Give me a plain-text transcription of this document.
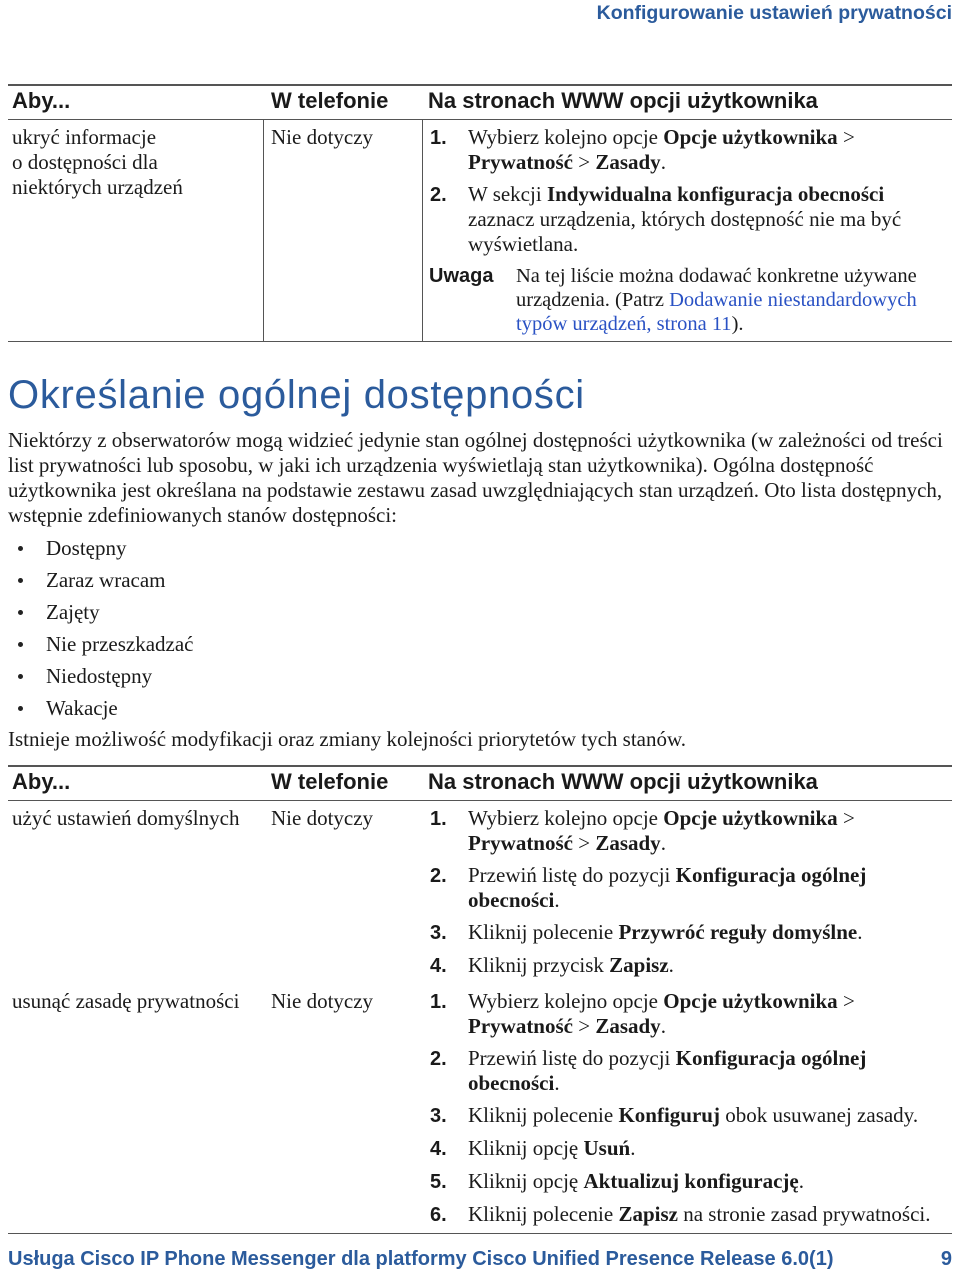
Konfigurowanie ustawień prywatności
Aby...	W telefonie	Na stronach WWW opcji użytkownika
ukryć informacje
o dostępności dla
niektórych urządzeń
Nie dotyczy	1.	Wybierz kolejno opcje Opcje użytkownika > Prywatność > Zasady.
2.	W sekcji Indywidualna konfiguracja obecności zaznacz urządzenia, których dostępność nie ma być wyświetlana.
Uwaga	Na tej liście można dodawać konkretne używane urządzenia. (Patrz Dodawanie niestandardowych typów urządzeń, strona 11).
Określanie ogólnej dostępności

Niektórzy z obserwatorów mogą widzieć jedynie stan ogólnej dostępności użytkownika (w zależności od treści list prywatności lub sposobu, w jaki ich urządzenia wyświetlają stan użytkownika). Ogólna dostępność użytkownika jest określana na podstawie zestawu zasad uwzględniających stan urządzeń. Oto lista dostępnych, wstępnie zdefiniowanych stanów dostępności:

Dostępny
Zaraz wracam
Zajęty
Nie przeszkadzać
Niedostępny
Wakacje

Istnieje możliwość modyfikacji oraz zmiany kolejności priorytetów tych stanów.

Aby...	W telefonie	Na stronach WWW opcji użytkownika
użyć ustawień domyślnych	Nie dotyczy	1.	Wybierz kolejno opcje Opcje użytkownika > Prywatność > Zasady.
2.	Przewiń listę do pozycji Konfiguracja ogólnej obecności.
3.	Kliknij polecenie Przywróć reguły domyślne.
4.	Kliknij przycisk Zapisz.
usunąć zasadę prywatności	Nie dotyczy	1.	Wybierz kolejno opcje Opcje użytkownika > Prywatność > Zasady.
2.	Przewiń listę do pozycji Konfiguracja ogólnej obecności.
3.	Kliknij polecenie Konfiguruj obok usuwanej zasady.
4.	Kliknij opcję Usuń.
5.	Kliknij opcję Aktualizuj konfigurację.
6.	Kliknij polecenie Zapisz na stronie zasad prywatności.
Usługa Cisco IP Phone Messenger dla platformy Cisco Unified Presence Release 6.0(1)	9
